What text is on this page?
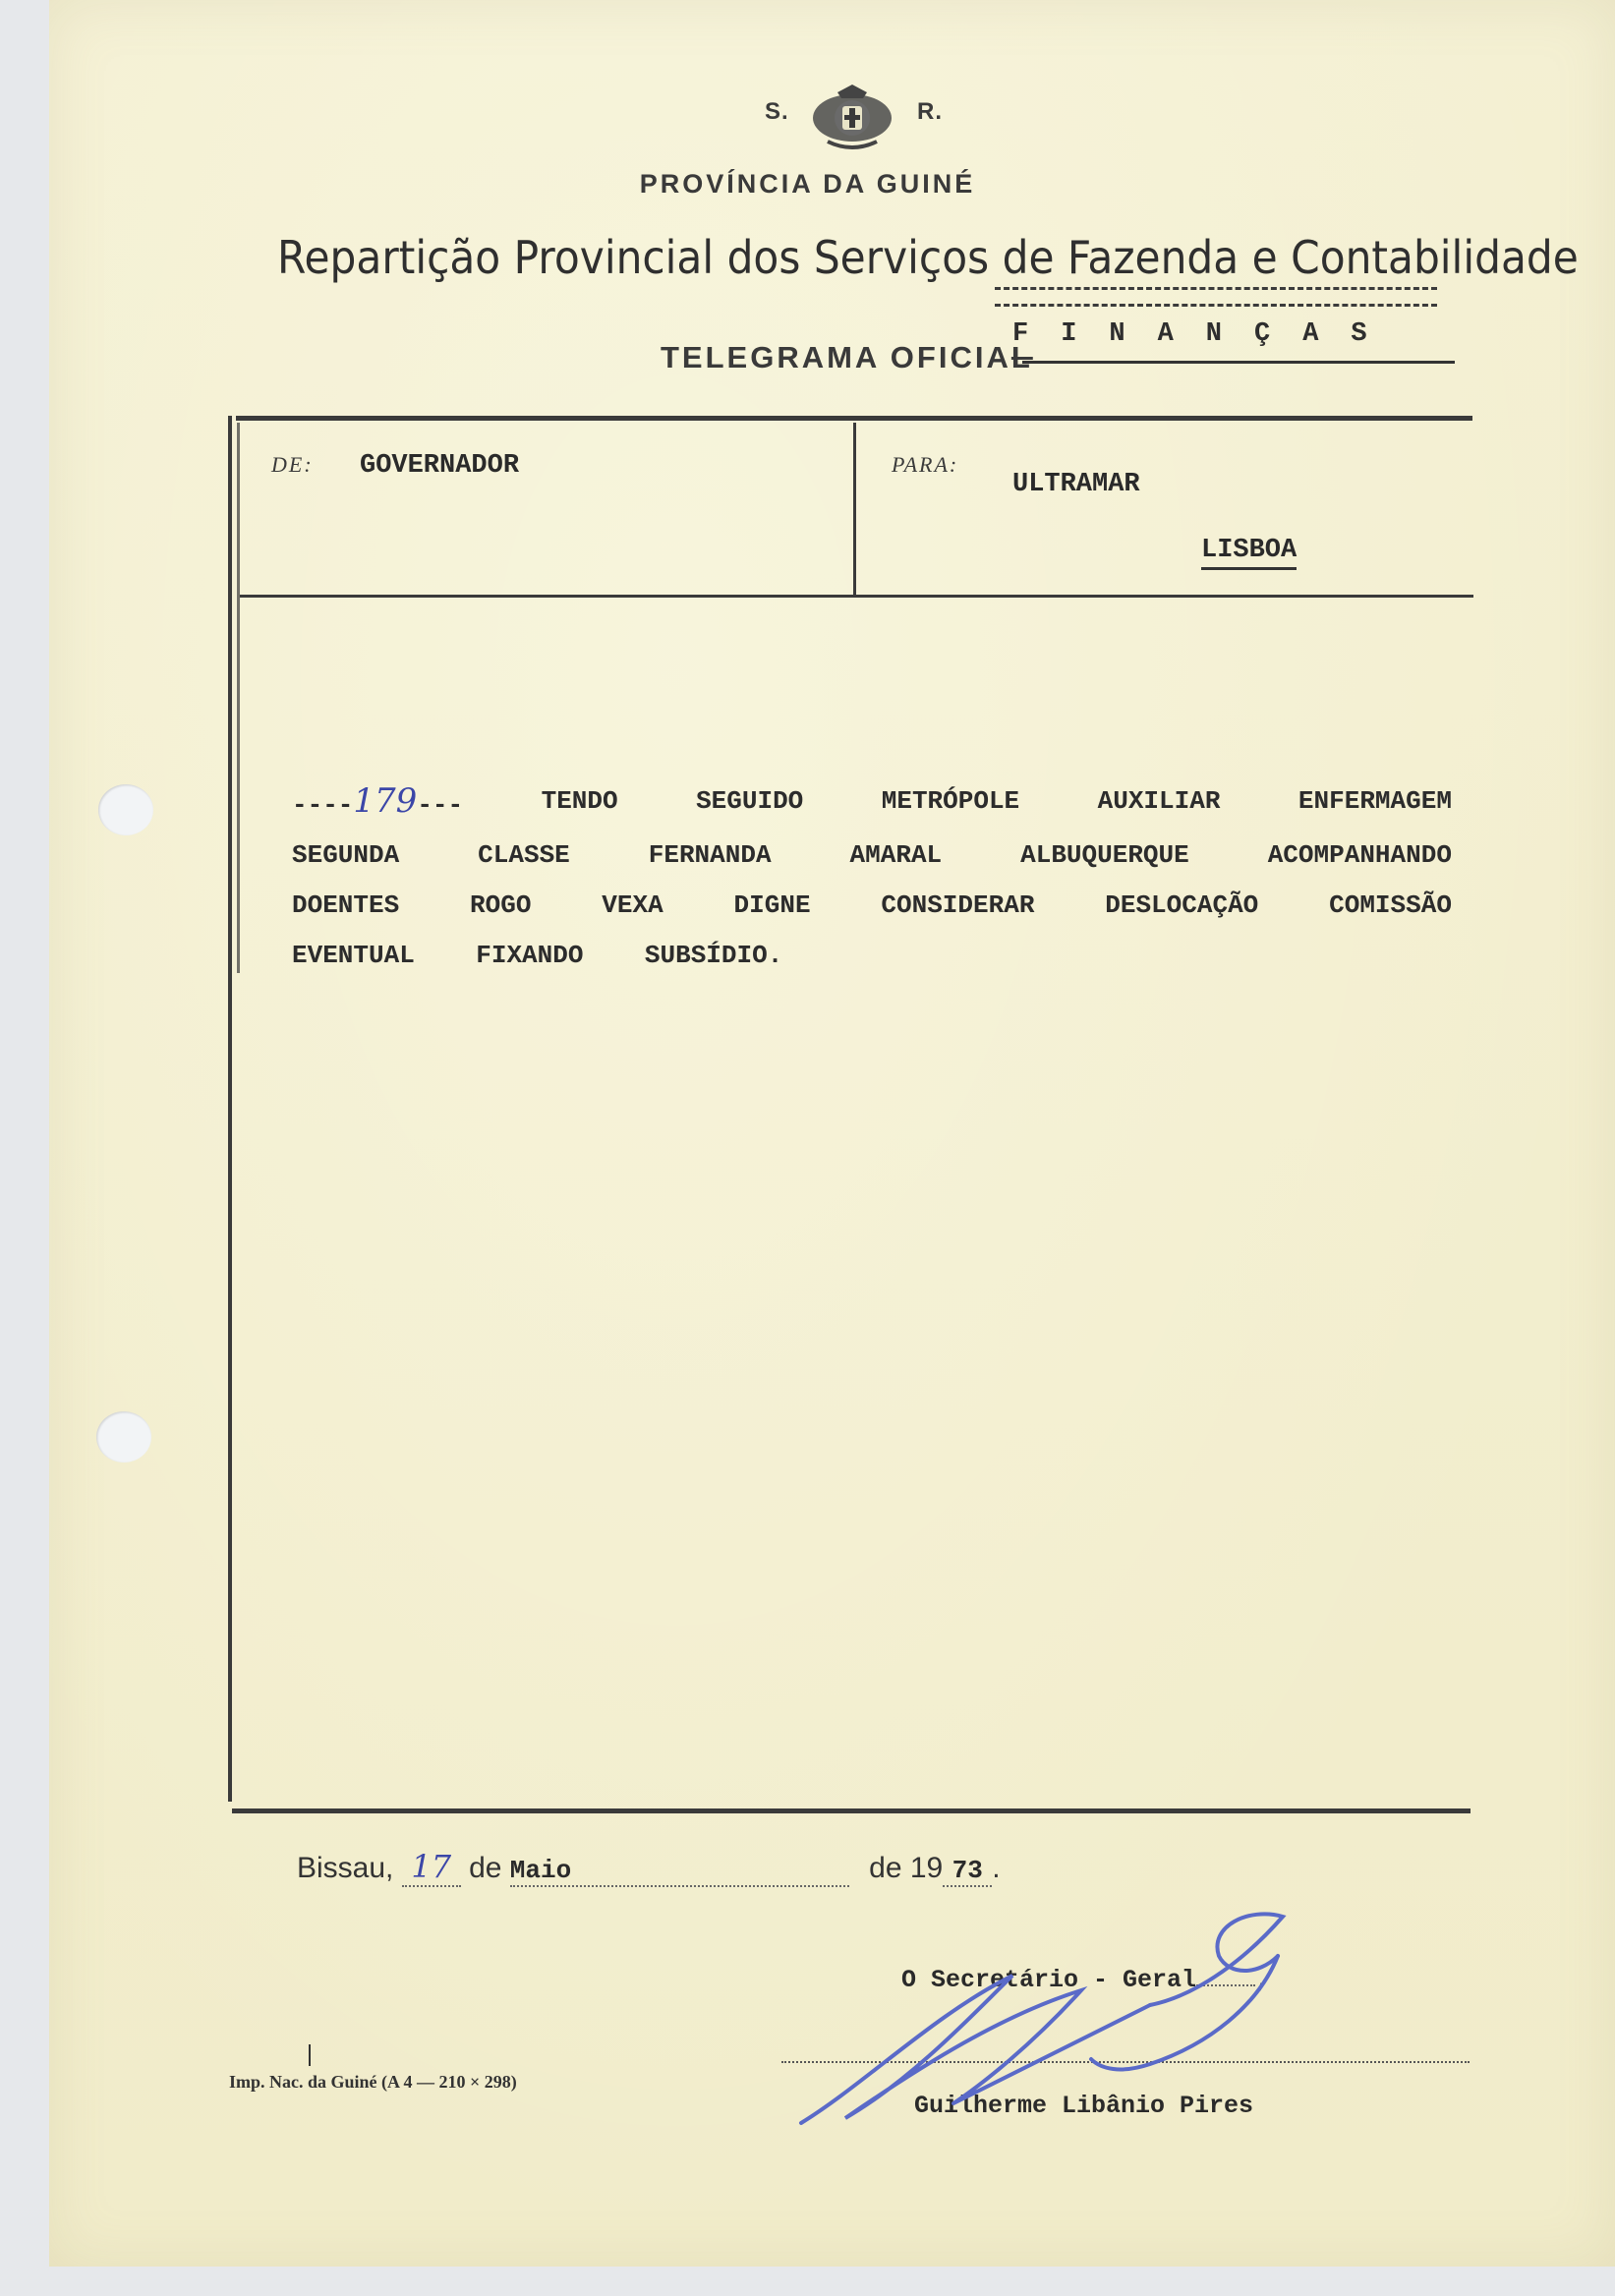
S.	R.
PROVÍNCIA DA GUINÉ
Repartição Provincial dos Serviços de Fazenda e Contabilidade
TELEGRAMA OFICIAL
FINANÇAS
DE: GOVERNADOR	PARA:
ULTRAMAR
LISBOA
----179---	TENDO	SEGUIDO	METRÓPOLE	AUXILIAR	ENFERMAGEM
SEGUNDA	CLASSE	FERNANDA	AMARAL	ALBUQUERQUE	ACOMPANHANDO
DOENTES	ROGO	VEXA	DIGNE	CONSIDERAR	DESLOCAÇÃO	COMISSÃO
EVENTUAL FIXANDO SUBSÍDIO.
Bissau, 17 de Maio	de 19 73 .
O Secretário - Geral ,
Guilherme Libânio Pires
Imp. Nac. da Guiné (A 4 — 210 × 298)
